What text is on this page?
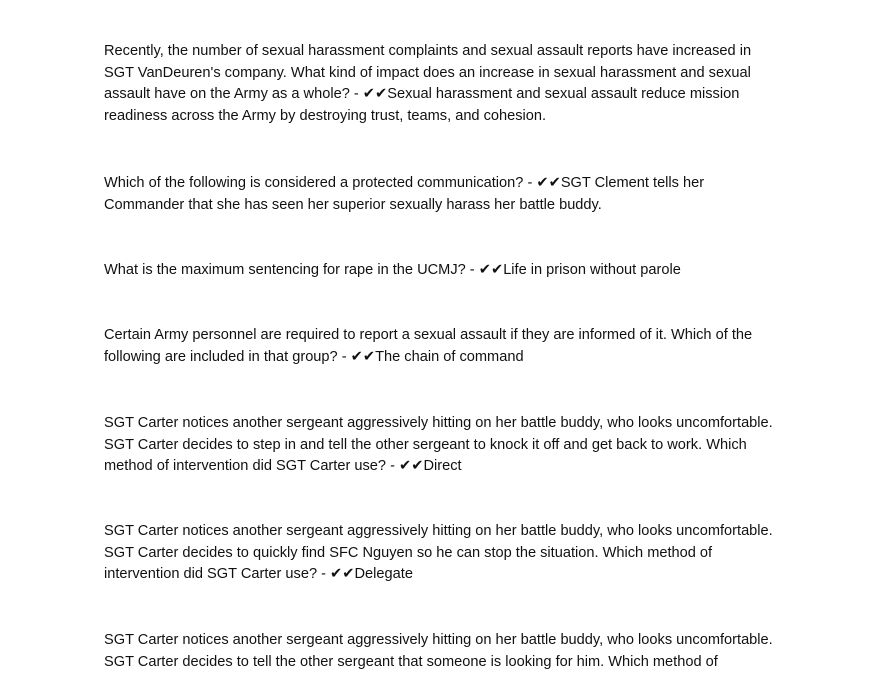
Recently, the number of sexual harassment complaints and sexual assault reports have increased in SGT VanDeuren's company. What kind of impact does an increase in sexual harassment and sexual assault have on the Army as a whole? - ✔✔Sexual harassment and sexual assault reduce mission readiness across the Army by destroying trust, teams, and cohesion.

Which of the following is considered a protected communication? - ✔✔SGT Clement tells her Commander that she has seen her superior sexually harass her battle buddy.

What is the maximum sentencing for rape in the UCMJ? - ✔✔Life in prison without parole

Certain Army personnel are required to report a sexual assault if they are informed of it. Which of the following are included in that group? - ✔✔The chain of command

SGT Carter notices another sergeant aggressively hitting on her battle buddy, who looks uncomfortable. SGT Carter decides to step in and tell the other sergeant to knock it off and get back to work. Which method of intervention did SGT Carter use? - ✔✔Direct

SGT Carter notices another sergeant aggressively hitting on her battle buddy, who looks uncomfortable. SGT Carter decides to quickly find SFC Nguyen so he can stop the situation. Which method of intervention did SGT Carter use? - ✔✔Delegate

SGT Carter notices another sergeant aggressively hitting on her battle buddy, who looks uncomfortable. SGT Carter decides to tell the other sergeant that someone is looking for him. Which method of
